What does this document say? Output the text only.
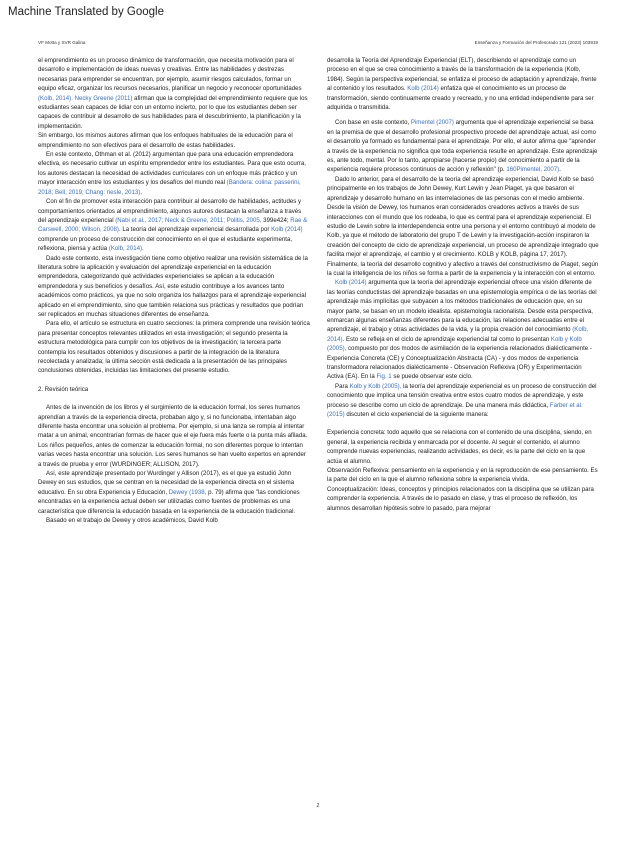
Machine Translated by Google
VF Motta y SVR Galina	Enseñanza y Formación del Profesorado 121 (2023) 103919

el emprendimiento es un proceso dinámico de transformación, que necesita motivación para el desarrollo e implementación de ideas nuevas y creativas. Entre las habilidades y destrezas necesarias para emprender se encuentran, por ejemplo, asumir riesgos calculados, formar un equipo eficaz, organizar los recursos necesarios, planificar un negocio y reconocer oportunidades (Kolb, 2014). Necky Greene (2011) afirman que la complejidad del emprendimiento requiere que los estudiantes sean capaces de lidiar con un entorno incierto, por lo que los estudiantes deben ser capaces de contribuir al desarrollo de sus habilidades para el descubrimiento, la planificación y la implementación.

Sin embargo, los mismos autores afirman que los enfoques habituales de la educación para el emprendimiento no son efectivos para el desarrollo de estas habilidades.

En este contexto, Othman et al. (2012) argumentan que para una educación emprendedora efectiva, es necesario cultivar un espíritu emprendedor entre los estudiantes. Para que esto ocurra, los autores destacan la necesidad de actividades curriculares con un enfoque más práctico y un mayor interacción entre los estudiantes y los desafíos del mundo real (Bandera: colina: passerini, 2018; Bell, 2019; Chang: riesle, 2013).

Con el fin de promover esta interacción para contribuir al desarrollo de habilidades, actitudes y comportamientos orientados al emprendimiento, algunos autores destacan la enseñanza a través del aprendizaje experiencial (Nabi et al., 2017; Neck & Greene, 2011; Politis, 2005, 399e424; Rae & Carswell, 2000; Wilson, 2008). La teoría del aprendizaje experiencial desarrollada por Kolb (2014) comprende un proceso de construcción del conocimiento en el que el estudiante experimenta, reflexiona, piensa y actúa (Kolb, 2014).

Dado este contexto, esta investigación tiene como objetivo realizar una revisión sistemática de la literatura sobre la aplicación y evaluación del aprendizaje experiencial en la educación emprendedora, categorizando qué actividades experienciales se aplican a la educación emprendedora y sus beneficios y desafíos. Así, este estudio contribuye a los avances tanto académicos como prácticos, ya que no solo organiza los hallazgos para el aprendizaje experiencial aplicado en el emprendimiento, sino que también relaciona sus prácticas y resultados que podrían ser replicados en muchas situaciones diferentes de enseñanza.

Para ello, el artículo se estructura en cuatro secciones: la primera comprende una revisión teórica para presentar conceptos relevantes utilizados en esta investigación; el segundo presenta la estructura metodológica para cumplir con los objetivos de la investigación; la tercera parte contempla los resultados obtenidos y discusiones a partir de la integración de la literatura recolectada y analizada; la última sección está dedicada a la presentación de las principales conclusiones obtenidas, incluidas las limitaciones del presente estudio.

2. Revisión teórica

Antes de la invención de los libros y el surgimiento de la educación formal, los seres humanos aprendían a través de la experiencia directa, probaban algo y, si no funcionaba, intentaban algo diferente hasta encontrar una solución al problema. Por ejemplo, si una lanza se rompía al intentar matar a un animal, encontrarían formas de hacer que el eje fuera más fuerte o la punta más afilada. Los niños pequeños, antes de comenzar la educación formal, no son diferentes porque lo intentan varias veces hasta encontrar una solución. Los seres humanos se han vuelto expertos en aprender a través de prueba y error (WURDINGER; ALLISON, 2017).

Así, este aprendizaje presentado por Wurdinger y Allison (2017), es el que ya estudió John Dewey en sus estudios, que se centran en la necesidad de la experiencia directa en el sistema educativo. En su obra Experiencia y Educación, Dewey (1938, p. 79) afirma que "las condiciones encontradas en la experiencia actual deben ser utilizadas como fuentes de problemas es una característica que diferencia la educación basada en la experiencia de la educación tradicional.

Basado en el trabajo de Dewey y otros académicos, David Kolb

desarrolla la Teoría del Aprendizaje Experiencial (ELT), describiendo el aprendizaje como un proceso en el que se crea conocimiento a través de la transformación de la experiencia (Kolb, 1984). Según la perspectiva experiencial, se enfatiza el proceso de adaptación y aprendizaje, frente al contenido y los resultados. Kolb (2014) enfatiza que el conocimiento es un proceso de transformación, siendo continuamente creado y recreado, y no una entidad independiente para ser adquirida o transmitida.

Con base en este contexto, Pimentel (2007) argumenta que el aprendizaje experiencial se basa en la premisa de que el desarrollo profesional prospectivo procede del aprendizaje actual, así como el desarrollo ya formado es fundamental para el aprendizaje. Por ello, el autor afirma que "aprender a través de la experiencia no significa que toda experiencia resulte en aprendizaje. Este aprendizaje es, ante todo, mental. Por lo tanto, apropiarse (hacerse propio) del conocimiento a partir de la experiencia requiere procesos continuos de acción y reflexión" (p. 160Pimentel, 2007).

Dado lo anterior, para el desarrollo de la teoría del aprendizaje experiencial, David Kolb se basó principalmente en los trabajos de John Dewey, Kurt Lewin y Jean Piaget, ya que basaron el aprendizaje y desarrollo humano en las interrelaciones de las personas con el medio ambiente. Desde la visión de Dewey, los humanos eran considerados creadores activos a través de sus interacciones con el mundo que los rodeaba, lo que es central para el aprendizaje experiencial. El estudio de Lewin sobre la interdependencia entre una persona y el entorno contribuyó al modelo de Kolb, ya que el método de laboratorio del grupo T de Lewin y la investigación-acción inspiraron la creación del concepto de ciclo de aprendizaje experiencial, un proceso de aprendizaje integrado que facilita mejor el aprendizaje, el cambio y el crecimiento. KOLB y KOLB, página 17, 2017). Finalmente, la teoría del desarrollo cognitivo y afectivo a través del constructivismo de Piaget, según la cual la inteligencia de los niños se forma a partir de la experiencia y la interacción con el entorno.

Kolb (2014) argumenta que la teoría del aprendizaje experiencial ofrece una visión diferente de las teorías conductistas del aprendizaje basadas en una epistemología empírica o de las teorías del aprendizaje más implícitas que subyacen a los métodos tradicionales de educación que, en su mayor parte, se basan en un modelo idealista. epistemología racionalista. Desde esta perspectiva, enmarcan algunas enseñanzas diferentes para la educación, las relaciones adecuadas entre el aprendizaje, el trabajo y otras actividades de la vida, y la propia creación del conocimiento (Kolb, 2014). Esto se refleja en el ciclo de aprendizaje experiencial tal como lo presentan Kolb y Kolb (2005), compuesto por dos modos de asimilación de la experiencia relacionados dialécticamente - Experiencia Concreta (CE) y Conceptualización Abstracta (CA) - y dos modos de experiencia transformadora relacionados dialécticamente - Observación Reflexiva (OR) y Experimentación Activa (EA). En la Fig. 1 se puede observar este ciclo.

Para Kolb y Kolb (2005), la teoría del aprendizaje experiencial es un proceso de construcción del conocimiento que implica una tensión creativa entre estos cuatro modos de aprendizaje, y este proceso se describe como un ciclo de aprendizaje. De una manera más didáctica, Farber et al. (2015) discuten el ciclo experiencial de la siguiente manera:

Experiencia concreta: todo aquello que se relaciona con el contenido de una disciplina, siendo, en general, la experiencia recibida y enmarcada por el docente. Al seguir el contenido, el alumno comprende nuevas experiencias, realizando actividades, es decir, es la parte del ciclo en la que actúa el alumno.

Observación Reflexiva: pensamiento en la experiencia y en la reproducción de ese pensamiento. Es la parte del ciclo en la que el alumno reflexiona sobre la experiencia vivida.

Conceptualización: Ideas, conceptos y principios relacionados con la disciplina que se utilizan para comprender la experiencia. A través de lo pasado en clase, y tras el proceso de reflexión, los alumnos desarrollan hipótesis sobre lo pasado, para mejorar

2
